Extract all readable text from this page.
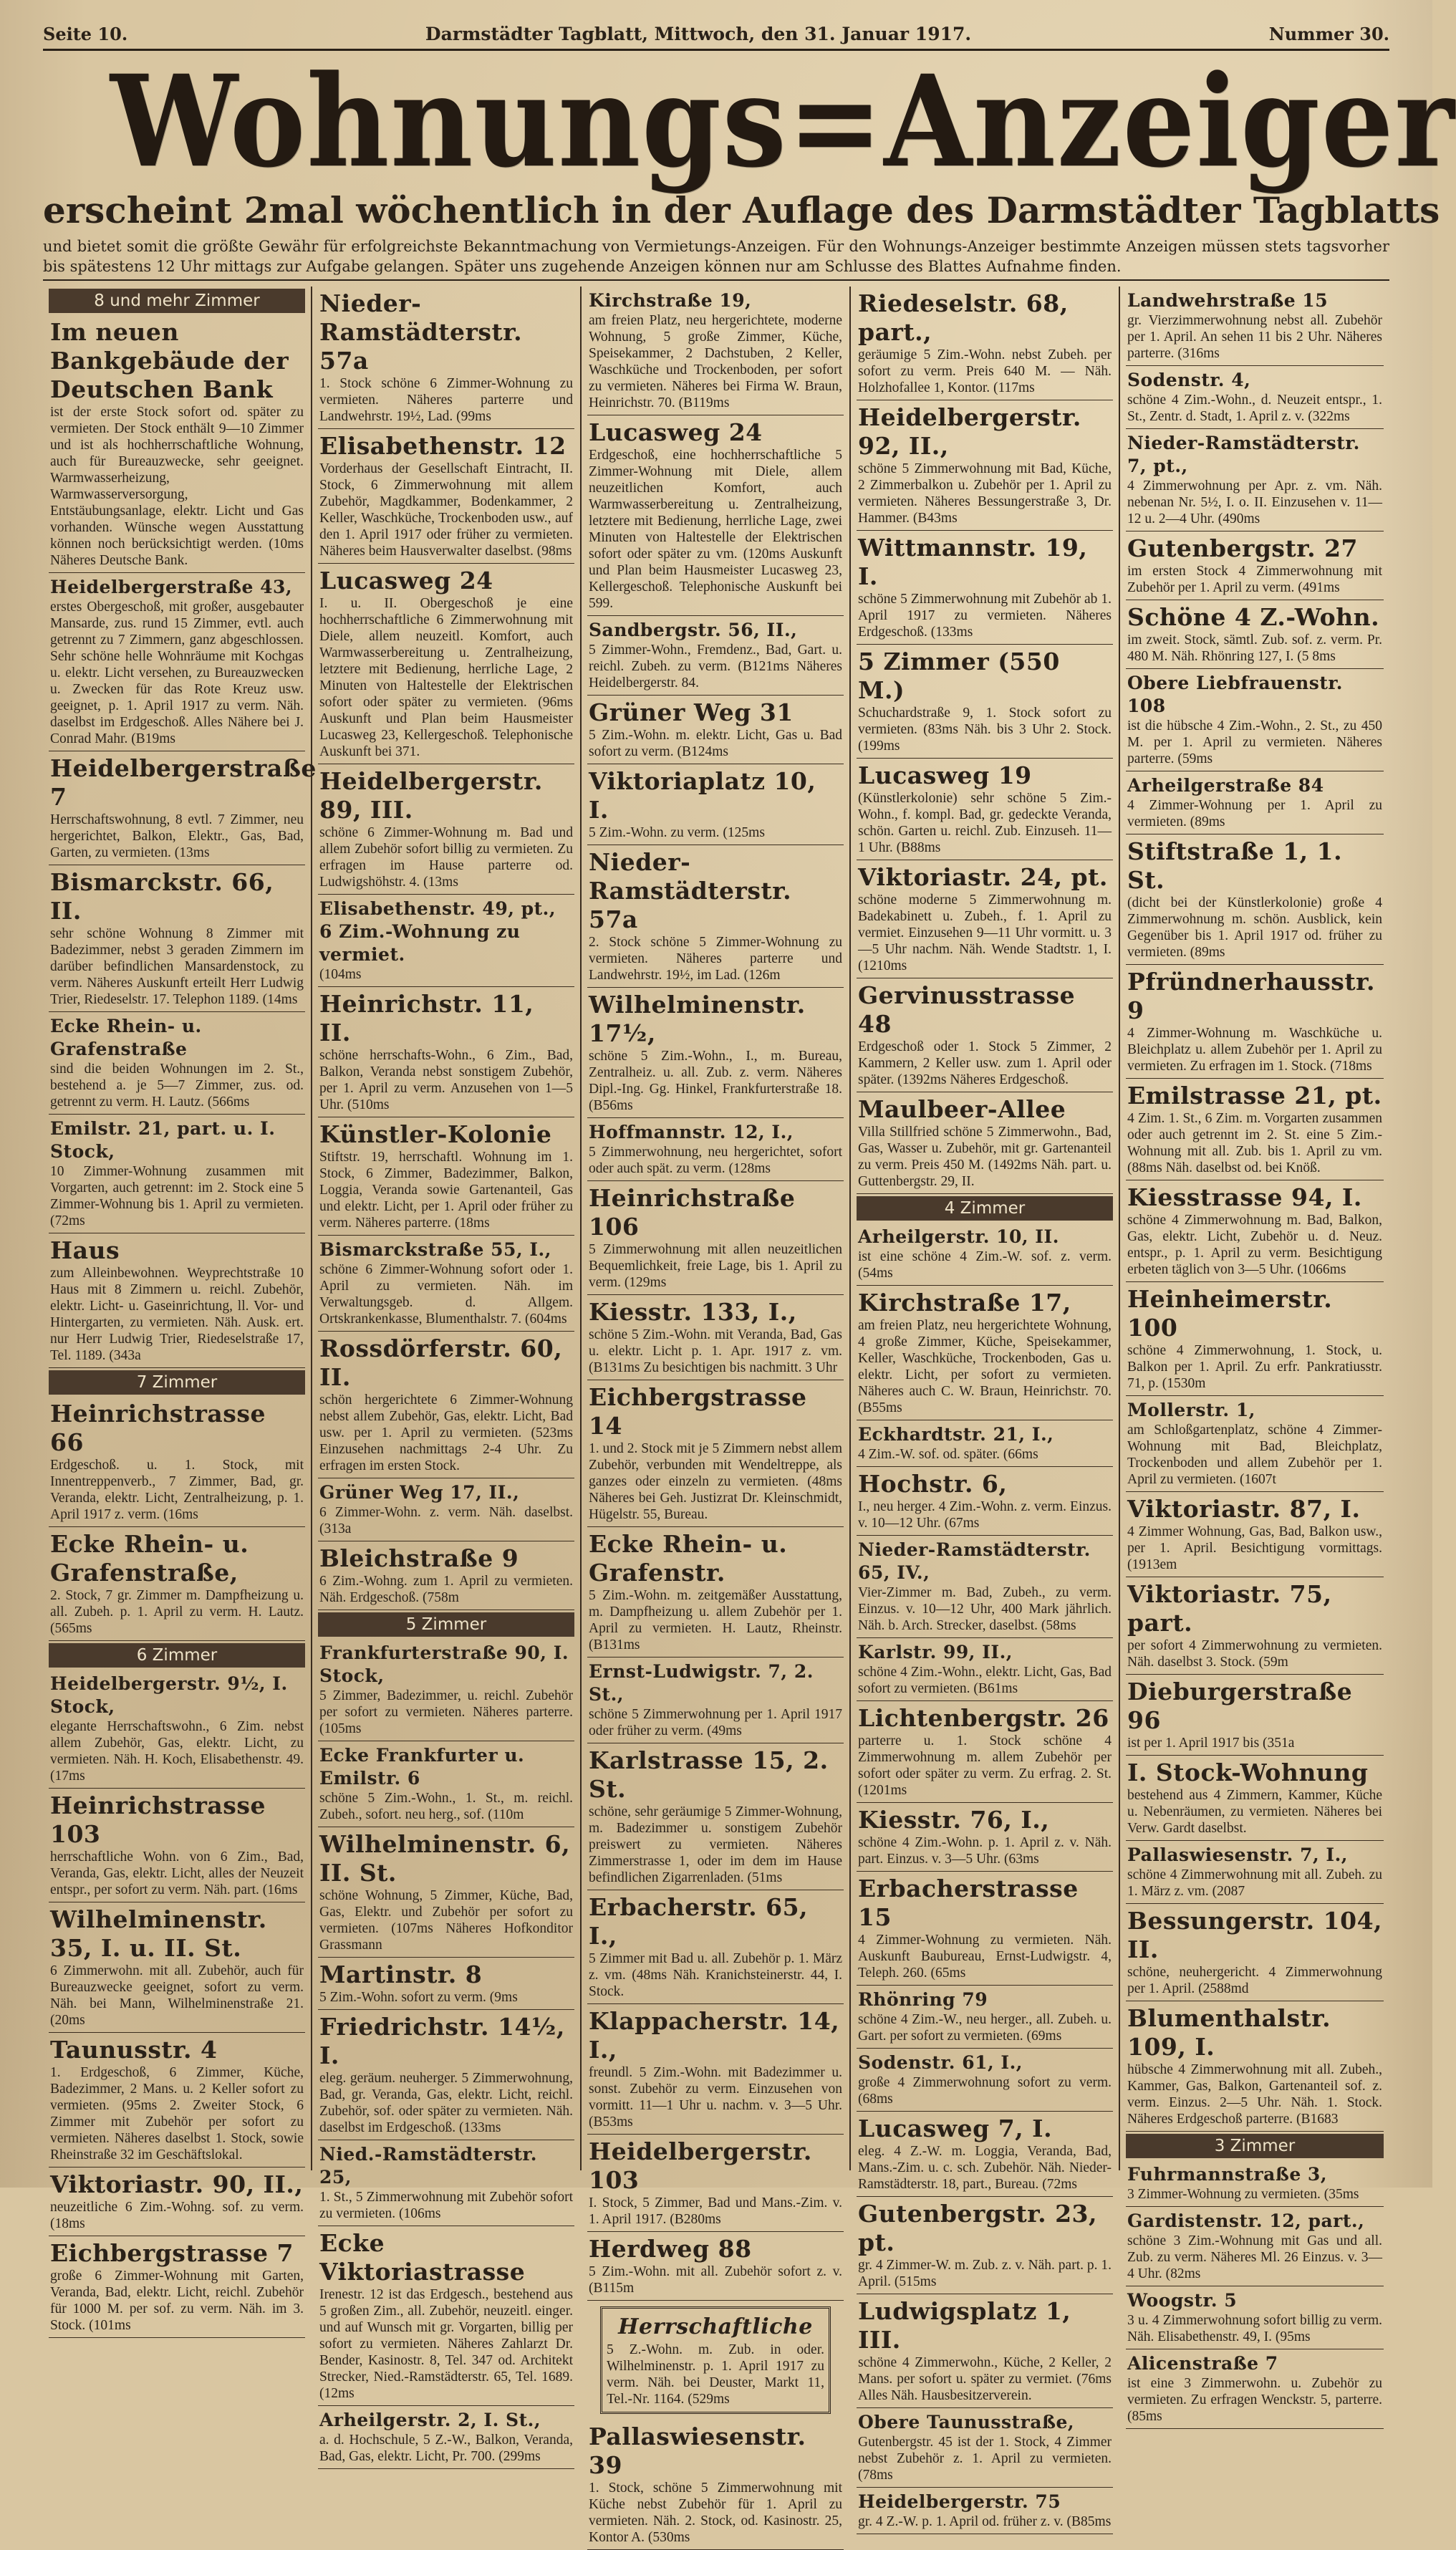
Seite 10.	Darmstädter Tagblatt, Mittwoch, den 31. Januar 1917.	Nummer 30.
Wohnungs=Anzeiger
erscheint 2mal wöchentlich in der Auflage des Darmstädter Tagblatts
und bietet somit die größte Gewähr für erfolgreichste Bekanntmachung von Vermietungs-Anzeigen. Für den Wohnungs-Anzeiger bestimmte Anzeigen müssen stets tagsvorher bis spätestens 12 Uhr mittags zur Aufgabe gelangen. Später uns zugehende Anzeigen können nur am Schlusse des Blattes Aufnahme finden.
8 und mehr Zimmer
Im neuen Bankgebäude der Deutschen Bank
ist der erste Stock sofort od. später zu vermieten. Der Stock enthält 9—10 Zimmer und ist als hochherrschaftliche Wohnung, auch für Bureauzwecke, sehr geeignet. Warmwasserheizung, Warmwasserversorgung, Entstäubungsanlage, elektr. Licht und Gas vorhanden. Wünsche wegen Ausstattung können noch berücksichtigt werden. (10ms Näheres Deutsche Bank.
Heidelbergerstraße 43,
erstes Obergeschoß, mit großer, ausgebauter Mansarde, zus. rund 15 Zimmer, evtl. auch getrennt zu 7 Zimmern, ganz abgeschlossen. Sehr schöne helle Wohnräume mit Kochgas u. elektr. Licht versehen, zu Bureauzwecken u. Zwecken für das Rote Kreuz usw. geeignet, p. 1. April 1917 zu verm. Näh. daselbst im Erdgeschoß. Alles Nähere bei J. Conrad Mahr. (B19ms
Heidelbergerstraße 7
Herrschaftswohnung, 8 evtl. 7 Zimmer, neu hergerichtet, Balkon, Elektr., Gas, Bad, Garten, zu vermieten. (13ms
Bismarckstr. 66, II.
sehr schöne Wohnung 8 Zimmer mit Badezimmer, nebst 3 geraden Zimmern im darüber befindlichen Mansardenstock, zu verm. Näheres Auskunft erteilt Herr Ludwig Trier, Riedeselstr. 17. Telephon 1189. (14ms
Ecke Rhein- u. Grafenstraße
sind die beiden Wohnungen im 2. St., bestehend a. je 5—7 Zimmer, zus. od. getrennt zu verm. H. Lautz. (566ms
Emilstr. 21, part. u. I. Stock,
10 Zimmer-Wohnung zusammen mit Vorgarten, auch getrennt: im 2. Stock eine 5 Zimmer-Wohnung bis 1. April zu vermieten. (72ms
Haus
zum Alleinbewohnen. Weyprechtstraße 10 Haus mit 8 Zimmern u. reichl. Zubehör, elektr. Licht- u. Gaseinrichtung, ll. Vor- und Hintergarten, zu vermieten. Näh. Ausk. ert. nur Herr Ludwig Trier, Riedeselstraße 17, Tel. 1189. (343a
7 Zimmer
Heinrichstrasse 66
Erdgeschoß. u. 1. Stock, mit Innentreppenverb., 7 Zimmer, Bad, gr. Veranda, elektr. Licht, Zentralheizung, p. 1. April 1917 z. verm. (16ms
Ecke Rhein- u. Grafenstraße,
2. Stock, 7 gr. Zimmer m. Dampfheizung u. all. Zubeh. p. 1. April zu verm. H. Lautz. (565ms
6 Zimmer
Heidelbergerstr. 9½, I. Stock,
elegante Herrschaftswohn., 6 Zim. nebst allem Zubehör, Gas, elektr. Licht, zu vermieten. Näh. H. Koch, Elisabethenstr. 49. (17ms
Heinrichstrasse 103
herrschaftliche Wohn. von 6 Zim., Bad, Veranda, Gas, elektr. Licht, alles der Neuzeit entspr., per sofort zu verm. Näh. part. (16ms
Wilhelminenstr. 35, I. u. II. St.
6 Zimmerwohn. mit all. Zubehör, auch für Bureauzwecke geeignet, sofort zu verm. Näh. bei Mann, Wilhelminenstraße 21. (20ms
Taunusstr. 4
1. Erdgeschoß, 6 Zimmer, Küche, Badezimmer, 2 Mans. u. 2 Keller sofort zu vermieten. (95ms 2. Zweiter Stock, 6 Zimmer mit Zubehör per sofort zu vermieten. Näheres daselbst 1. Stock, sowie Rheinstraße 32 im Geschäftslokal.
Viktoriastr. 90, II.,
neuzeitliche 6 Zim.-Wohng. sof. zu verm. (18ms
Eichbergstrasse 7
große 6 Zimmer-Wohnung mit Garten, Veranda, Bad, elektr. Licht, reichl. Zubehör für 1000 M. per sof. zu verm. Näh. im 3. Stock. (101ms
Nieder-Ramstädterstr. 57a
1. Stock schöne 6 Zimmer-Wohnung zu vermieten. Näheres parterre und Landwehrstr. 19½, Lad. (99ms
Elisabethenstr. 12
Vorderhaus der Gesellschaft Eintracht, II. Stock, 6 Zimmerwohnung mit allem Zubehör, Magdkammer, Bodenkammer, 2 Keller, Waschküche, Trockenboden usw., auf den 1. April 1917 oder früher zu vermieten. Näheres beim Hausverwalter daselbst. (98ms
Lucasweg 24
I. u. II. Obergeschoß je eine hochherrschaftliche 6 Zimmerwohnung mit Diele, allem neuzeitl. Komfort, auch Warmwasserbereitung u. Zentralheizung, letztere mit Bedienung, herrliche Lage, 2 Minuten von Haltestelle der Elektrischen sofort oder später zu vermieten. (96ms Auskunft und Plan beim Hausmeister Lucasweg 23, Kellergeschoß. Telephonische Auskunft bei 371.
Heidelbergerstr. 89, III.
schöne 6 Zimmer-Wohnung m. Bad und allem Zubehör sofort billig zu vermieten. Zu erfragen im Hause parterre od. Ludwigshöhstr. 4. (13ms
Elisabethenstr. 49, pt., 6 Zim.-Wohnung zu vermiet.
(104ms
Heinrichstr. 11, II.
schöne herrschafts-Wohn., 6 Zim., Bad, Balkon, Veranda nebst sonstigem Zubehör, per 1. April zu verm. Anzusehen von 1—5 Uhr. (510ms
Künstler-Kolonie
Stiftstr. 19, herrschaftl. Wohnung im 1. Stock, 6 Zimmer, Badezimmer, Balkon, Loggia, Veranda sowie Gartenanteil, Gas und elektr. Licht, per 1. April oder früher zu verm. Näheres parterre. (18ms
Bismarckstraße 55, I.,
schöne 6 Zimmer-Wohnung sofort oder 1. April zu vermieten. Näh. im Verwaltungsgeb. d. Allgem. Ortskrankenkasse, Blumenthalstr. 7. (604ms
Rossdörferstr. 60, II.
schön hergerichtete 6 Zimmer-Wohnung nebst allem Zubehör, Gas, elektr. Licht, Bad usw. per 1. April zu vermieten. (523ms Einzusehen nachmittags 2-4 Uhr. Zu erfragen im ersten Stock.
Grüner Weg 17, II.,
6 Zimmer-Wohn. z. verm. Näh. daselbst. (313a
Bleichstraße 9
6 Zim.-Wohng. zum 1. April zu vermieten. Näh. Erdgeschoß. (758m
5 Zimmer
Frankfurterstraße 90, I. Stock,
5 Zimmer, Badezimmer, u. reichl. Zubehör per sofort zu vermieten. Näheres parterre. (105ms
Ecke Frankfurter u. Emilstr. 6
schöne 5 Zim.-Wohn., 1. St., m. reichl. Zubeh., sofort. neu herg., sof. (110m
Wilhelminenstr. 6, II. St.
schöne Wohnung, 5 Zimmer, Küche, Bad, Gas, Elektr. und Zubehör per sofort zu vermieten. (107ms Näheres Hofkonditor Grassmann
Martinstr. 8
5 Zim.-Wohn. sofort zu verm. (9ms
Friedrichstr. 14½, I.
eleg. geräum. neuherger. 5 Zimmerwohnung, Bad, gr. Veranda, Gas, elektr. Licht, reichl. Zubehör, sof. oder später zu vermieten. Näh. daselbst im Erdgeschoß. (133ms
Nied.-Ramstädterstr. 25,
1. St., 5 Zimmerwohnung mit Zubehör sofort zu vermieten. (106ms
Ecke Viktoriastrasse
Irenestr. 12 ist das Erdgesch., bestehend aus 5 großen Zim., all. Zubehör, neuzeitl. einger. und auf Wunsch mit gr. Vorgarten, billig per sofort zu vermieten. Näheres Zahlarzt Dr. Bender, Kasinostr. 8, Tel. 347 od. Architekt Strecker, Nied.-Ramstädterstr. 65, Tel. 1689. (12ms
Arheilgerstr. 2, I. St.,
a. d. Hochschule, 5 Z.-W., Balkon, Veranda, Bad, Gas, elektr. Licht, Pr. 700. (299ms
Kirchstraße 19,
am freien Platz, neu hergerichtete, moderne Wohnung, 5 große Zimmer, Küche, Speisekammer, 2 Dachstuben, 2 Keller, Waschküche und Trockenboden, per sofort zu vermieten. Näheres bei Firma W. Braun, Heinrichstr. 70. (B119ms
Lucasweg 24
Erdgeschoß, eine hochherrschaftliche 5 Zimmer-Wohnung mit Diele, allem neuzeitlichen Komfort, auch Warmwasserbereitung u. Zentralheizung, letztere mit Bedienung, herrliche Lage, zwei Minuten von Haltestelle der Elektrischen sofort oder später zu vm. (120ms Auskunft und Plan beim Hausmeister Lucasweg 23, Kellergeschoß. Telephonische Auskunft bei 599.
Sandbergstr. 56, II.,
5 Zimmer-Wohn., Fremdenz., Bad, Gart. u. reichl. Zubeh. zu verm. (B121ms Näheres Heidelbergerstr. 84.
Grüner Weg 31
5 Zim.-Wohn. m. elektr. Licht, Gas u. Bad sofort zu verm. (B124ms
Viktoriaplatz 10, I.
5 Zim.-Wohn. zu verm. (125ms
Nieder-Ramstädterstr. 57a
2. Stock schöne 5 Zimmer-Wohnung zu vermieten. Näheres parterre und Landwehrstr. 19½, im Lad. (126m
Wilhelminenstr. 17½,
schöne 5 Zim.-Wohn., I., m. Bureau, Zentralheiz. u. all. Zub. z. verm. Näheres Dipl.-Ing. Gg. Hinkel, Frankfurterstraße 18. (B56ms
Hoffmannstr. 12, I.,
5 Zimmerwohnung, neu hergerichtet, sofort oder auch spät. zu verm. (128ms
Heinrichstraße 106
5 Zimmerwohnung mit allen neuzeitlichen Bequemlichkeit, freie Lage, bis 1. April zu verm. (129ms
Kiesstr. 133, I.,
schöne 5 Zim.-Wohn. mit Veranda, Bad, Gas u. elektr. Licht p. 1. Apr. 1917 z. vm. (B131ms Zu besichtigen bis nachmitt. 3 Uhr
Eichbergstrasse 14
1. und 2. Stock mit je 5 Zimmern nebst allem Zubehör, verbunden mit Wendeltreppe, als ganzes oder einzeln zu vermieten. (48ms Näheres bei Geh. Justizrat Dr. Kleinschmidt, Hügelstr. 55, Bureau.
Ecke Rhein- u. Grafenstr.
5 Zim.-Wohn. m. zeitgemäßer Ausstattung, m. Dampfheizung u. allem Zubehör per 1. April zu vermieten. H. Lautz, Rheinstr. (B131ms
Ernst-Ludwigstr. 7, 2. St.,
schöne 5 Zimmerwohnung per 1. April 1917 oder früher zu verm. (49ms
Karlstrasse 15, 2. St.
schöne, sehr geräumige 5 Zimmer-Wohnung, m. Badezimmer u. sonstigem Zubehör preiswert zu vermieten. Näheres Zimmerstrasse 1, oder im dem im Hause befindlichen Zigarrenladen. (51ms
Erbacherstr. 65, I.,
5 Zimmer mit Bad u. all. Zubehör p. 1. März z. vm. (48ms Näh. Kranichsteinerstr. 44, I. Stock.
Klappacherstr. 14, I.,
freundl. 5 Zim.-Wohn. mit Badezimmer u. sonst. Zubehör zu verm. Einzusehen von vormitt. 11—1 Uhr u. nachm. v. 3—5 Uhr. (B53ms
Heidelbergerstr. 103
I. Stock, 5 Zimmer, Bad und Mans.-Zim. v. 1. April 1917. (B280ms
Herdweg 88
5 Zim.-Wohn. mit all. Zubehör sofort z. v. (B115m
Herrschaftliche
5 Z.-Wohn. m. Zub. in oder. Wilhelminenstr. p. 1. April 1917 zu verm. Näh. bei Deuster, Markt 11, Tel.-Nr. 1164. (529ms
Pallaswiesenstr. 39
1. Stock, schöne 5 Zimmerwohnung mit Küche nebst Zubehör für 1. April zu vermieten. Näh. 2. Stock, od. Kasinostr. 25, Kontor A. (530ms
Riedeselstr. 68, part.,
geräumige 5 Zim.-Wohn. nebst Zubeh. per sofort zu verm. Preis 640 M. — Näh. Holzhofallee 1, Kontor. (117ms
Heidelbergerstr. 92, II.,
schöne 5 Zimmerwohnung mit Bad, Küche, 2 Zimmerbalkon u. Zubehör per 1. April zu vermieten. Näheres Bessungerstraße 3, Dr. Hammer. (B43ms
Wittmannstr. 19, I.
schöne 5 Zimmerwohnung mit Zubehör ab 1. April 1917 zu vermieten. Näheres Erdgeschoß. (133ms
5 Zimmer (550 M.)
Schuchardstraße 9, 1. Stock sofort zu vermieten. (83ms Näh. bis 3 Uhr 2. Stock. (199ms
Lucasweg 19
(Künstlerkolonie) sehr schöne 5 Zim.-Wohn., f. kompl. Bad, gr. gedeckte Veranda, schön. Garten u. reichl. Zub. Einzuseh. 11—1 Uhr. (B88ms
Viktoriastr. 24, pt.
schöne moderne 5 Zimmerwohnung m. Badekabinett u. Zubeh., f. 1. April zu vermiet. Einzusehen 9—11 Uhr vormitt. u. 3—5 Uhr nachm. Näh. Wende Stadtstr. 1, I. (1210ms
Gervinusstrasse 48
Erdgeschoß oder 1. Stock 5 Zimmer, 2 Kammern, 2 Keller usw. zum 1. April oder später. (1392ms Näheres Erdgeschoß.
Maulbeer-Allee
Villa Stillfried schöne 5 Zimmerwohn., Bad, Gas, Wasser u. Zubehör, mit gr. Gartenanteil zu verm. Preis 450 M. (1492ms Näh. part. u. Guttenbergstr. 29, II.
4 Zimmer
Arheilgerstr. 10, II.
ist eine schöne 4 Zim.-W. sof. z. verm. (54ms
Kirchstraße 17,
am freien Platz, neu hergerichtete Wohnung, 4 große Zimmer, Küche, Speisekammer, Keller, Waschküche, Trockenboden, Gas u. elektr. Licht, per sofort zu vermieten. Näheres auch C. W. Braun, Heinrichstr. 70. (B55ms
Eckhardtstr. 21, I.,
4 Zim.-W. sof. od. später. (66ms
Hochstr. 6,
I., neu herger. 4 Zim.-Wohn. z. verm. Einzus. v. 10—12 Uhr. (67ms
Nieder-Ramstädterstr. 65, IV.,
Vier-Zimmer m. Bad, Zubeh., zu verm. Einzus. v. 10—12 Uhr, 400 Mark jährlich. Näh. b. Arch. Strecker, daselbst. (58ms
Karlstr. 99, II.,
schöne 4 Zim.-Wohn., elektr. Licht, Gas, Bad sofort zu vermieten. (B61ms
Lichtenbergstr. 26
parterre u. 1. Stock schöne 4 Zimmerwohnung m. allem Zubehör per sofort oder später zu verm. Zu erfrag. 2. St. (1201ms
Kiesstr. 76, I.,
schöne 4 Zim.-Wohn. p. 1. April z. v. Näh. part. Einzus. v. 3—5 Uhr. (63ms
Erbacherstrasse 15
4 Zimmer-Wohnung zu vermieten. Näh. Auskunft Baubureau, Ernst-Ludwigstr. 4, Teleph. 260. (65ms
Rhönring 79
schöne 4 Zim.-W., neu herger., all. Zubeh. u. Gart. per sofort zu vermieten. (69ms
Sodenstr. 61, I.,
große 4 Zimmerwohnung sofort zu verm. (68ms
Lucasweg 7, I.
eleg. 4 Z.-W. m. Loggia, Veranda, Bad, Mans.-Zim. u. c. sch. Zubehör. Näh. Nieder-Ramstädterstr. 18, part., Bureau. (72ms
Gutenbergstr. 23, pt.
gr. 4 Zimmer-W. m. Zub. z. v. Näh. part. p. 1. April. (515ms
Ludwigsplatz 1, III.
schöne 4 Zimmerwohn., Küche, 2 Keller, 2 Mans. per sofort u. später zu vermiet. (76ms Alles Näh. Hausbesitzerverein.
Obere Taunusstraße,
Gutenbergstr. 45 ist der 1. Stock, 4 Zimmer nebst Zubehör z. 1. April zu vermieten. (78ms
Heidelbergerstr. 75
gr. 4 Z.-W. p. 1. April od. früher z. v. (B85ms
Landwehrstraße 15
gr. Vierzimmerwohnung nebst all. Zubehör per 1. April. An sehen 11 bis 2 Uhr. Näheres parterre. (316ms
Sodenstr. 4,
schöne 4 Zim.-Wohn., d. Neuzeit entspr., 1. St., Zentr. d. Stadt, 1. April z. v. (322ms
Nieder-Ramstädterstr. 7, pt.,
4 Zimmerwohnung per Apr. z. vm. Näh. nebenan Nr. 5½, I. o. II. Einzusehen v. 11—12 u. 2—4 Uhr. (490ms
Gutenbergstr. 27
im ersten Stock 4 Zimmerwohnung mit Zubehör per 1. April zu verm. (491ms
Schöne 4 Z.-Wohn.
im zweit. Stock, sämtl. Zub. sof. z. verm. Pr. 480 M. Näh. Rhönring 127, I. (5 8ms
Obere Liebfrauenstr. 108
ist die hübsche 4 Zim.-Wohn., 2. St., zu 450 M. per 1. April zu vermieten. Näheres parterre. (59ms
Arheilgerstraße 84
4 Zimmer-Wohnung per 1. April zu vermieten. (89ms
Stiftstraße 1, 1. St.
(dicht bei der Künstlerkolonie) große 4 Zimmerwohnung m. schön. Ausblick, kein Gegenüber bis 1. April 1917 od. früher zu vermieten. (89ms
Pfründnerhausstr. 9
4 Zimmer-Wohnung m. Waschküche u. Bleichplatz u. allem Zubehör per 1. April zu vermieten. Zu erfragen im 1. Stock. (718ms
Emilstrasse 21, pt.
4 Zim. 1. St., 6 Zim. m. Vorgarten zusammen oder auch getrennt im 2. St. eine 5 Zim.-Wohnung mit all. Zub. bis 1. April zu vm. (88ms Näh. daselbst od. bei Knöß.
Kiesstrasse 94, I.
schöne 4 Zimmerwohnung m. Bad, Balkon, Gas, elektr. Licht, Zubehör u. d. Neuz. entspr., p. 1. April zu verm. Besichtigung erbeten täglich von 3—5 Uhr. (1066ms
Heinheimerstr. 100
schöne 4 Zimmerwohnung, 1. Stock, u. Balkon per 1. April. Zu erfr. Pankratiusstr. 71, p. (1530m
Mollerstr. 1,
am Schloßgartenplatz, schöne 4 Zimmer-Wohnung mit Bad, Bleichplatz, Trockenboden und allem Zubehör per 1. April zu vermieten. (1607t
Viktoriastr. 87, I.
4 Zimmer Wohnung, Gas, Bad, Balkon usw., per 1. April. Besichtigung vormittags. (1913em
Viktoriastr. 75, part.
per sofort 4 Zimmerwohnung zu vermieten. Näh. daselbst 3. Stock. (59m
Dieburgerstraße 96
ist per 1. April 1917 bis (351a
I. Stock-Wohnung
bestehend aus 4 Zimmern, Kammer, Küche u. Nebenräumen, zu vermieten. Näheres bei Verw. Gardt daselbst.
Pallaswiesenstr. 7, I.,
schöne 4 Zimmerwohnung mit all. Zubeh. zu 1. März z. vm. (2087
Bessungerstr. 104, II.
schöne, neuhergericht. 4 Zimmerwohnung per 1. April. (2588md
Blumenthalstr. 109, I.
hübsche 4 Zimmerwohnung mit all. Zubeh., Kammer, Gas, Balkon, Gartenanteil sof. z. verm. Einzus. 2—5 Uhr. Näh. 1. Stock. Näheres Erdgeschoß parterre. (B1683
3 Zimmer
Fuhrmannstraße 3,
3 Zimmer-Wohnung zu vermieten. (35ms
Gardistenstr. 12, part.,
schöne 3 Zim.-Wohnung mit Gas und all. Zub. zu verm. Näheres Ml. 26 Einzus. v. 3—4 Uhr. (82ms
Woogstr. 5
3 u. 4 Zimmerwohnung sofort billig zu verm. Näh. Elisabethenstr. 49, I. (95ms
Alicenstraße 7
ist eine 3 Zimmerwohn. u. Zubehör zu vermieten. Zu erfragen Wenckstr. 5, parterre. (85ms
